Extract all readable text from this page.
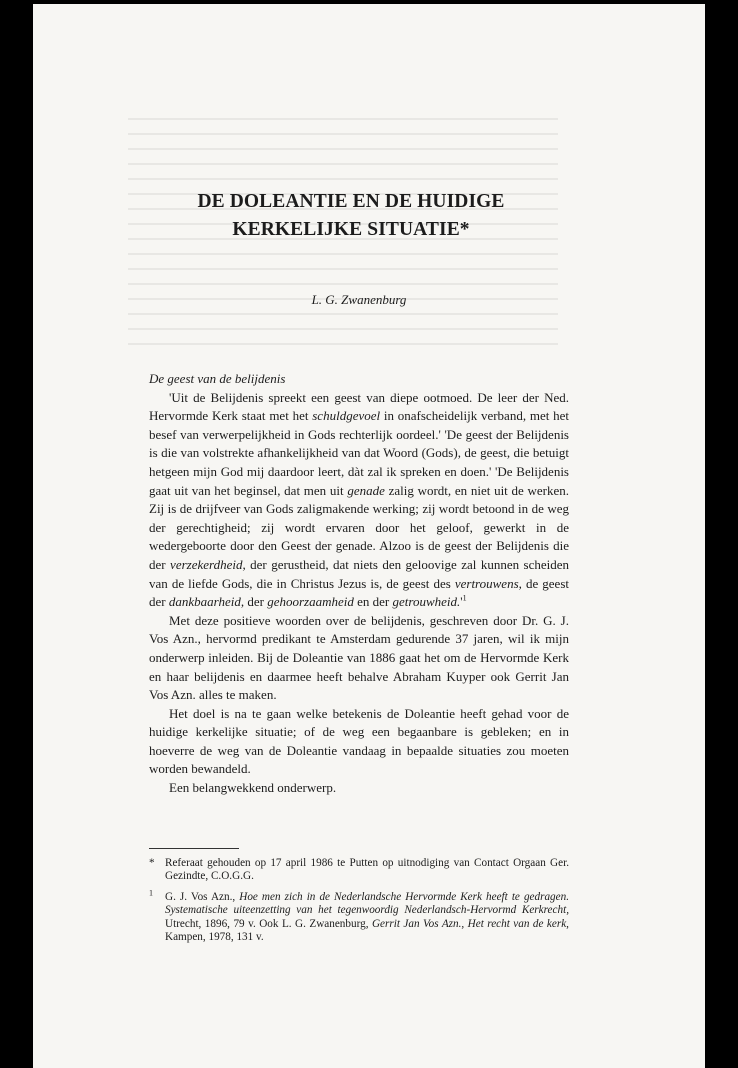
DE DOLEANTIE EN DE HUIDIGE
KERKELIJKE SITUATIE*

L. G. Zwanenburg

De geest van de belijdenis

'Uit de Belijdenis spreekt een geest van diepe ootmoed. De leer der Ned. Hervormde Kerk staat met het schuldgevoel in onafscheidelijk verband, met het besef van verwerpelijkheid in Gods rechterlijk oordeel.' 'De geest der Belijdenis is die van volstrekte afhankelijkheid van dat Woord (Gods), de geest, die betuigt hetgeen mijn God mij daardoor leert, dàt zal ik spreken en doen.' 'De Belijdenis gaat uit van het beginsel, dat men uit genade zalig wordt, en niet uit de werken. Zij is de drijfveer van Gods zaligmakende werking; zij wordt betoond in de weg der gerechtigheid; zij wordt ervaren door het geloof, gewerkt in de wedergeboorte door den Geest der genade. Alzoo is de geest der Belijdenis die der verzekerdheid, der gerustheid, dat niets den geloovige zal kunnen scheiden van de liefde Gods, die in Christus Jezus is, de geest des vertrouwens, de geest der dankbaarheid, der gehoorzaamheid en der $getrouwheid.'^1$

Met deze positieve woorden over de belijdenis, geschreven door Dr. G. J. Vos Azn., hervormd predikant te Amsterdam gedurende 37 jaren, wil ik mijn onderwerp inleiden. Bij de Doleantie van 1886 gaat het om de Hervormde Kerk en haar belijdenis en daarmee heeft behalve Abraham Kuyper ook Gerrit Jan Vos Azn. alles te maken.

Het doel is na te gaan welke betekenis de Doleantie heeft gehad voor de huidige kerkelijke situatie; of de weg een begaanbare is gebleken; en in hoeverre de weg van de Doleantie vandaag in bepaalde situaties zou moeten worden bewandeld.

Een belangwekkend onderwerp.

* Referaat gehouden op 17 april 1986 te Putten op uitnodiging van Contact Orgaan Ger. Gezindte, C.O.G.G.

$^1$ G. J. Vos Azn., Hoe men zich in de Nederlandsche Hervormde Kerk heeft te gedragen. Systematische uiteenzetting van het tegenwoordig Nederlandsch-Hervormd Kerkrecht, Utrecht, 1896, 79 v. Ook L. G. Zwanenburg, Gerrit Jan Vos Azn., Het recht van de kerk, Kampen, 1978, 131 v.
